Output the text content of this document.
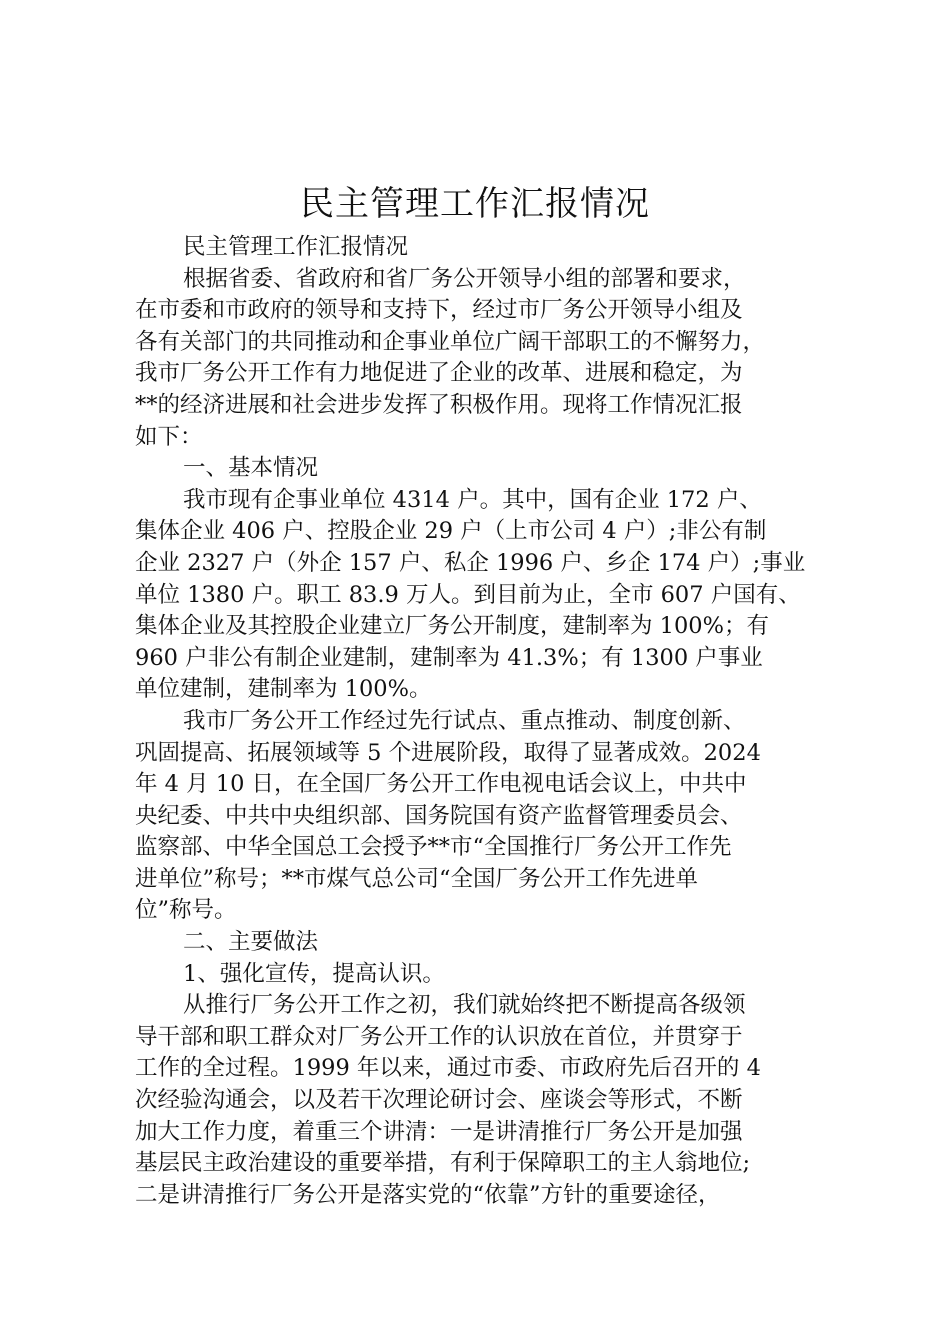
民主管理工作汇报情况
民主管理工作汇报情况
根据省委、省政府和省厂务公开领导小组的部署和要求，
在市委和市政府的领导和支持下，经过市厂务公开领导小组及
各有关部门的共同推动和企事业单位广阔干部职工的不懈努力，
我市厂务公开工作有力地促进了企业的改革、进展和稳定，为
**的经济进展和社会进步发挥了积极作用。现将工作情况汇报
如下：
一、基本情况
我市现有企事业单位 4314 户。其中，国有企业 172 户、
集体企业 406 户、控股企业 29 户（上市公司 4 户）;非公有制
企业 2327 户（外企 157 户、私企 1996 户、乡企 174 户）;事业
单位 1380 户。职工 83.9 万人。到目前为止，全市 607 户国有、
集体企业及其控股企业建立厂务公开制度，建制率为 100%；有
960 户非公有制企业建制，建制率为 41.3%；有 1300 户事业
单位建制，建制率为 100%。
我市厂务公开工作经过先行试点、重点推动、制度创新、
巩固提高、拓展领域等 5 个进展阶段，取得了显著成效。2024
年 4 月 10 日，在全国厂务公开工作电视电话会议上，中共中
央纪委、中共中央组织部、国务院国有资产监督管理委员会、
监察部、中华全国总工会授予**市“全国推行厂务公开工作先
进单位”称号；**市煤气总公司“全国厂务公开工作先进单
位”称号。
二、主要做法
1、强化宣传，提高认识。
从推行厂务公开工作之初，我们就始终把不断提高各级领
导干部和职工群众对厂务公开工作的认识放在首位，并贯穿于
工作的全过程。1999 年以来，通过市委、市政府先后召开的 4
次经验沟通会，以及若干次理论研讨会、座谈会等形式，不断
加大工作力度，着重三个讲清：一是讲清推行厂务公开是加强
基层民主政治建设的重要举措，有利于保障职工的主人翁地位;
二是讲清推行厂务公开是落实党的“依靠”方针的重要途径，
